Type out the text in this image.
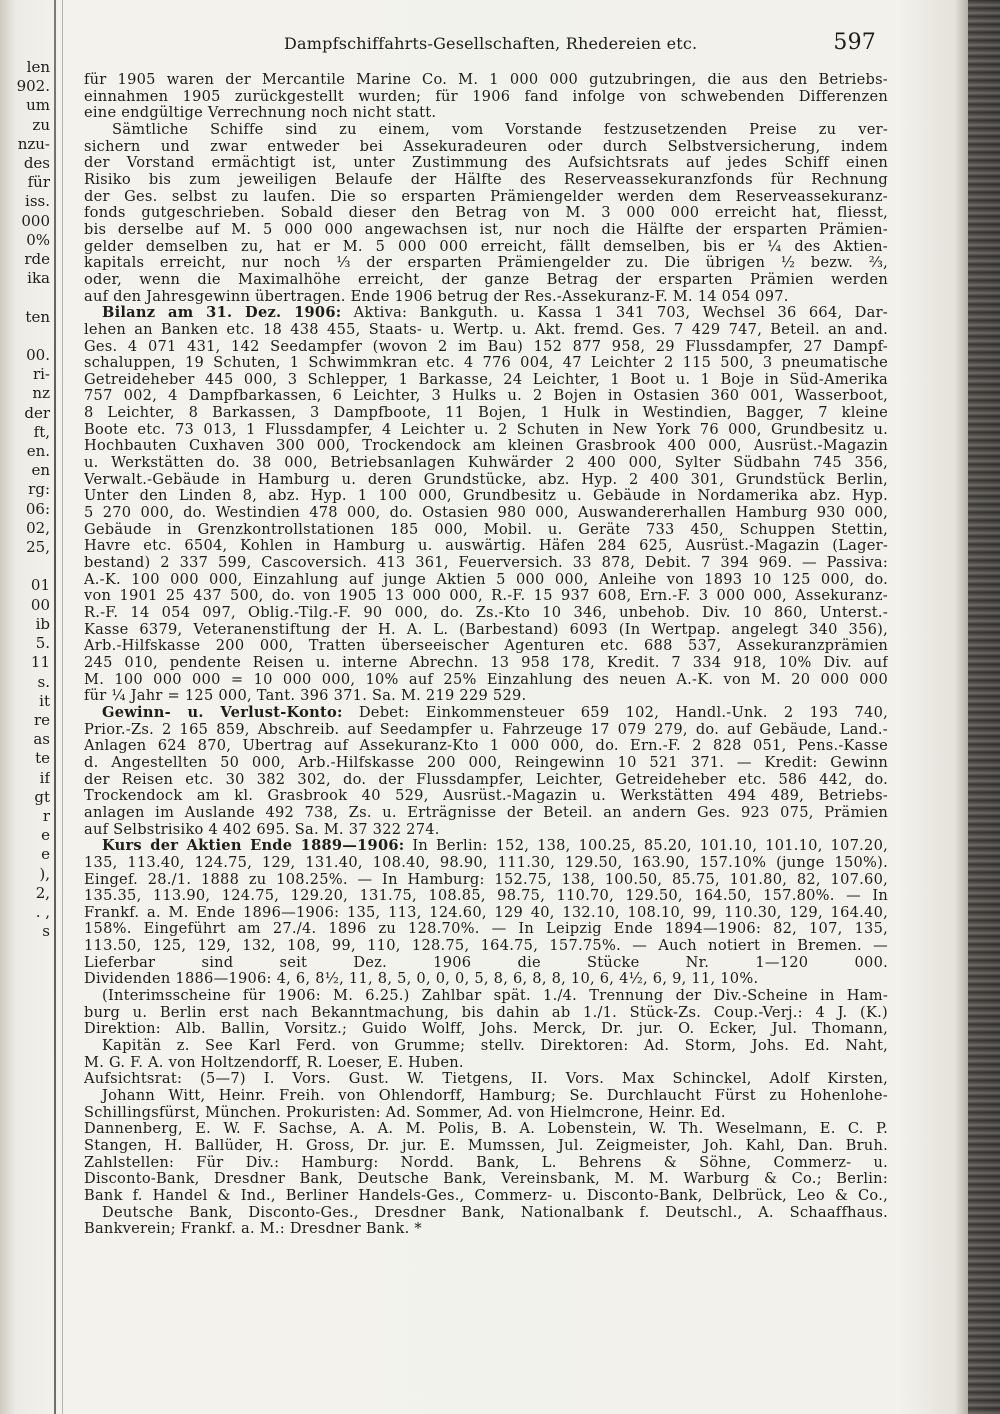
len
902.
um
zu
nzu-
des
für
iss.
000
0%
rde
ika

ten

00.
ri-
nz
der
ft,
en.
en
rg:
06:
02,
25,

01
00
ib
5.
11
s.
it
re
as
te
if
gt
r
e
e
),
2,
. ,
s

Dampfschiffahrts-Gesellschaften, Rhedereien etc.	597
für 1905 waren der Mercantile Marine Co. M. 1 000 000 gutzubringen, die aus den Betriebs-
einnahmen 1905 zurückgestellt wurden; für 1906 fand infolge von schwebenden Differenzen
eine endgültige Verrechnung noch nicht statt.
Sämtliche Schiffe sind zu einem, vom Vorstande festzusetzenden Preise zu ver-
sichern und zwar entweder bei Assekuradeuren oder durch Selbstversicherung, indem
der Vorstand ermächtigt ist, unter Zustimmung des Aufsichtsrats auf jedes Schiff einen
Risiko bis zum jeweiligen Belaufe der Hälfte des Reserveassekuranzfonds für Rechnung
der Ges. selbst zu laufen. Die so ersparten Prämiengelder werden dem Reserveassekuranz-
fonds gutgeschrieben. Sobald dieser den Betrag von M. 3 000 000 erreicht hat, fliesst,
bis derselbe auf M. 5 000 000 angewachsen ist, nur noch die Hälfte der ersparten Prämien-
gelder demselben zu, hat er M. 5 000 000 erreicht, fällt demselben, bis er ¼ des Aktien-
kapitals erreicht, nur noch ⅓ der ersparten Prämiengelder zu. Die übrigen ½ bezw. ⅔,
oder, wenn die Maximalhöhe erreicht, der ganze Betrag der ersparten Prämien werden
auf den Jahresgewinn übertragen. Ende 1906 betrug der Res.-Assekuranz-F. M. 14 054 097.
Bilanz am 31. Dez. 1906: Aktiva: Bankguth. u. Kassa 1 341 703, Wechsel 36 664, Dar-
lehen an Banken etc. 18 438 455, Staats- u. Wertp. u. Akt. fremd. Ges. 7 429 747, Beteil. an and.
Ges. 4 071 431, 142 Seedampfer (wovon 2 im Bau) 152 877 958, 29 Flussdampfer, 27 Dampf-
schaluppen, 19 Schuten, 1 Schwimmkran etc. 4 776 004, 47 Leichter 2 115 500, 3 pneumatische
Getreideheber 445 000, 3 Schlepper, 1 Barkasse, 24 Leichter, 1 Boot u. 1 Boje in Süd-Amerika
757 002, 4 Dampfbarkassen, 6 Leichter, 3 Hulks u. 2 Bojen in Ostasien 360 001, Wasserboot,
8 Leichter, 8 Barkassen, 3 Dampfboote, 11 Bojen, 1 Hulk in Westindien, Bagger, 7 kleine
Boote etc. 73 013, 1 Flussdampfer, 4 Leichter u. 2 Schuten in New York 76 000, Grundbesitz u.
Hochbauten Cuxhaven 300 000, Trockendock am kleinen Grasbrook 400 000, Ausrüst.-Magazin
u. Werkstätten do. 38 000, Betriebsanlagen Kuhwärder 2 400 000, Sylter Südbahn 745 356,
Verwalt.-Gebäude in Hamburg u. deren Grundstücke, abz. Hyp. 2 400 301, Grundstück Berlin,
Unter den Linden 8, abz. Hyp. 1 100 000, Grundbesitz u. Gebäude in Nordamerika abz. Hyp.
5 270 000, do. Westindien 478 000, do. Ostasien 980 000, Auswandererhallen Hamburg 930 000,
Gebäude in Grenzkontrollstationen 185 000, Mobil. u. Geräte 733 450, Schuppen Stettin,
Havre etc. 6504, Kohlen in Hamburg u. auswärtig. Häfen 284 625, Ausrüst.-Magazin (Lager-
bestand) 2 337 599, Cascoversich. 413 361, Feuerversich. 33 878, Debit. 7 394 969. — Passiva:
A.-K. 100 000 000, Einzahlung auf junge Aktien 5 000 000, Anleihe von 1893 10 125 000, do.
von 1901 25 437 500, do. von 1905 13 000 000, R.-F. 15 937 608, Ern.-F. 3 000 000, Assekuranz-
R.-F. 14 054 097, Oblig.-Tilg.-F. 90 000, do. Zs.-Kto 10 346, unbehob. Div. 10 860, Unterst.-
Kasse 6379, Veteranenstiftung der H. A. L. (Barbestand) 6093 (In Wertpap. angelegt 340 356),
Arb.-Hilfskasse 200 000, Tratten überseeischer Agenturen etc. 688 537, Assekuranzprämien
245 010, pendente Reisen u. interne Abrechn. 13 958 178, Kredit. 7 334 918, 10% Div. auf
M. 100 000 000 = 10 000 000, 10% auf 25% Einzahlung des neuen A.-K. von M. 20 000 000
für ¼ Jahr = 125 000, Tant. 396 371. Sa. M. 219 229 529.
Gewinn- u. Verlust-Konto: Debet: Einkommensteuer 659 102, Handl.-Unk. 2 193 740,
Prior.-Zs. 2 165 859, Abschreib. auf Seedampfer u. Fahrzeuge 17 079 279, do. auf Gebäude, Land.-
Anlagen 624 870, Übertrag auf Assekuranz-Kto 1 000 000, do. Ern.-F. 2 828 051, Pens.-Kasse
d. Angestellten 50 000, Arb.-Hilfskasse 200 000, Reingewinn 10 521 371. — Kredit: Gewinn
der Reisen etc. 30 382 302, do. der Flussdampfer, Leichter, Getreideheber etc. 586 442, do.
Trockendock am kl. Grasbrook 40 529, Ausrüst.-Magazin u. Werkstätten 494 489, Betriebs-
anlagen im Auslande 492 738, Zs. u. Erträgnisse der Beteil. an andern Ges. 923 075, Prämien
auf Selbstrisiko 4 402 695. Sa. M. 37 322 274.
Kurs der Aktien Ende 1889—1906: In Berlin: 152, 138, 100.25, 85.20, 101.10, 101.10, 107.20,
135, 113.40, 124.75, 129, 131.40, 108.40, 98.90, 111.30, 129.50, 163.90, 157.10% (junge 150%).
Eingef. 28./1. 1888 zu 108.25%. — In Hamburg: 152.75, 138, 100.50, 85.75, 101.80, 82, 107.60,
135.35, 113.90, 124.75, 129.20, 131.75, 108.85, 98.75, 110.70, 129.50, 164.50, 157.80%. — In
Frankf. a. M. Ende 1896—1906: 135, 113, 124.60, 129 40, 132.10, 108.10, 99, 110.30, 129, 164.40,
158%. Eingeführt am 27./4. 1896 zu 128.70%. — In Leipzig Ende 1894—1906: 82, 107, 135,
113.50, 125, 129, 132, 108, 99, 110, 128.75, 164.75, 157.75%. — Auch notiert in Bremen. —
Lieferbar sind seit Dez. 1906 die Stücke Nr. 1—120 000.
Dividenden 1886—1906: 4, 6, 8½, 11, 8, 5, 0, 0, 0, 5, 8, 6, 8, 8, 10, 6, 4½, 6, 9, 11, 10%.
(Interimsscheine für 1906: M. 6.25.) Zahlbar spät. 1./4. Trennung der Div.-Scheine in Ham-
burg u. Berlin erst nach Bekanntmachung, bis dahin ab 1./1. Stück-Zs. Coup.-Verj.: 4 J. (K.)
Direktion: Alb. Ballin, Vorsitz.; Guido Wolff, Johs. Merck, Dr. jur. O. Ecker, Jul. Thomann,
Kapitän z. See Karl Ferd. von Grumme; stellv. Direktoren: Ad. Storm, Johs. Ed. Naht,
M. G. F. A. von Holtzendorff, R. Loeser, E. Huben.
Aufsichtsrat: (5—7) I. Vors. Gust. W. Tietgens, II. Vors. Max Schinckel, Adolf Kirsten,
Johann Witt, Heinr. Freih. von Ohlendorff, Hamburg; Se. Durchlaucht Fürst zu Hohenlohe-
Schillingsfürst, München. Prokuristen: Ad. Sommer, Ad. von Hielmcrone, Heinr. Ed.
Dannenberg, E. W. F. Sachse, A. A. M. Polis, B. A. Lobenstein, W. Th. Weselmann, E. C. P.
Stangen, H. Ballüder, H. Gross, Dr. jur. E. Mumssen, Jul. Zeigmeister, Joh. Kahl, Dan. Bruh.
Zahlstellen: Für Div.: Hamburg: Nordd. Bank, L. Behrens & Söhne, Commerz- u.
Disconto-Bank, Dresdner Bank, Deutsche Bank, Vereinsbank, M. M. Warburg & Co.; Berlin:
Bank f. Handel & Ind., Berliner Handels-Ges., Commerz- u. Disconto-Bank, Delbrück, Leo & Co.,
Deutsche Bank, Disconto-Ges., Dresdner Bank, Nationalbank f. Deutschl., A. Schaaffhaus.
Bankverein; Frankf. a. M.: Dresdner Bank. *
